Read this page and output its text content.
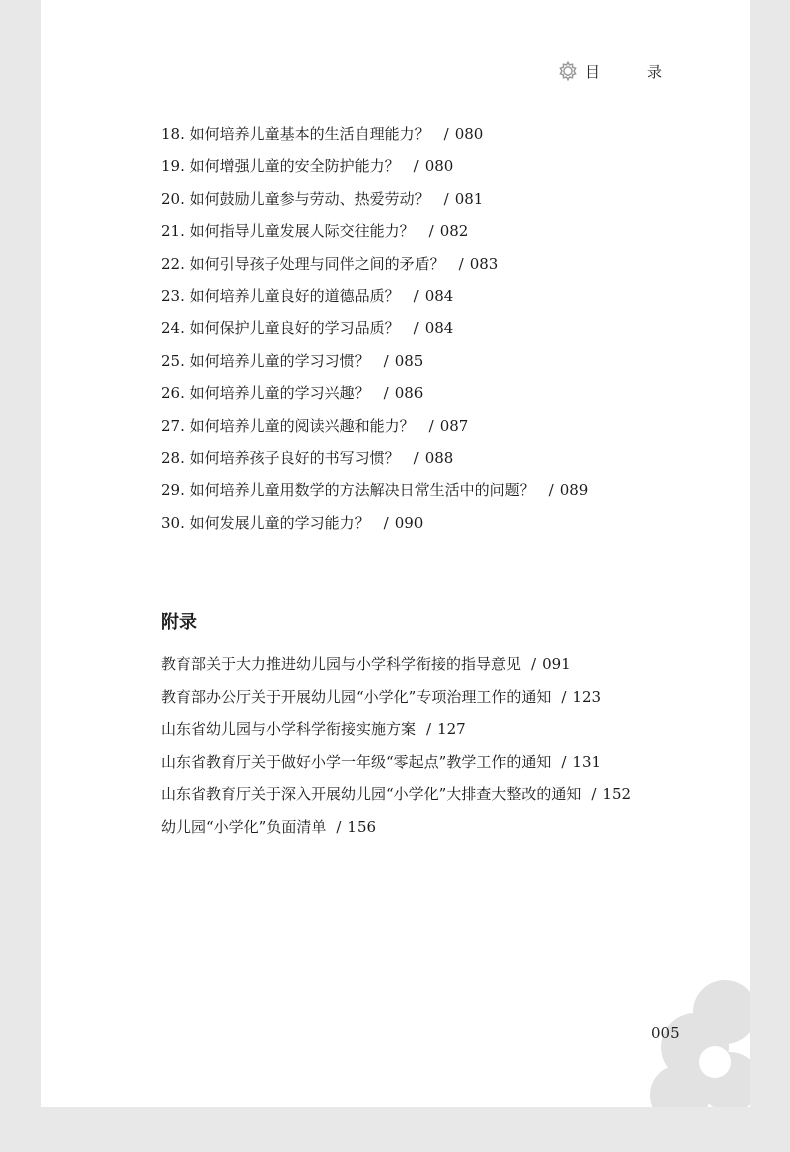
目　录
18. 如何培养儿童基本的生活自理能力？ / 080
19. 如何增强儿童的安全防护能力？ / 080
20. 如何鼓励儿童参与劳动、热爱劳动？ / 081
21. 如何指导儿童发展人际交往能力？ / 082
22. 如何引导孩子处理与同伴之间的矛盾？ / 083
23. 如何培养儿童良好的道德品质？ / 084
24. 如何保护儿童良好的学习品质？ / 084
25. 如何培养儿童的学习习惯？ / 085
26. 如何培养儿童的学习兴趣？ / 086
27. 如何培养儿童的阅读兴趣和能力？ / 087
28. 如何培养孩子良好的书写习惯？ / 088
29. 如何培养儿童用数学的方法解决日常生活中的问题？ / 089
30. 如何发展儿童的学习能力？ / 090
附录
教育部关于大力推进幼儿园与小学科学衔接的指导意见 / 091
教育部办公厅关于开展幼儿园“小学化”专项治理工作的通知 / 123
山东省幼儿园与小学科学衔接实施方案 / 127
山东省教育厅关于做好小学一年级“零起点”教学工作的通知 / 131
山东省教育厅关于深入开展幼儿园“小学化”大排查大整改的通知 / 152
幼儿园“小学化”负面清单 / 156
005
